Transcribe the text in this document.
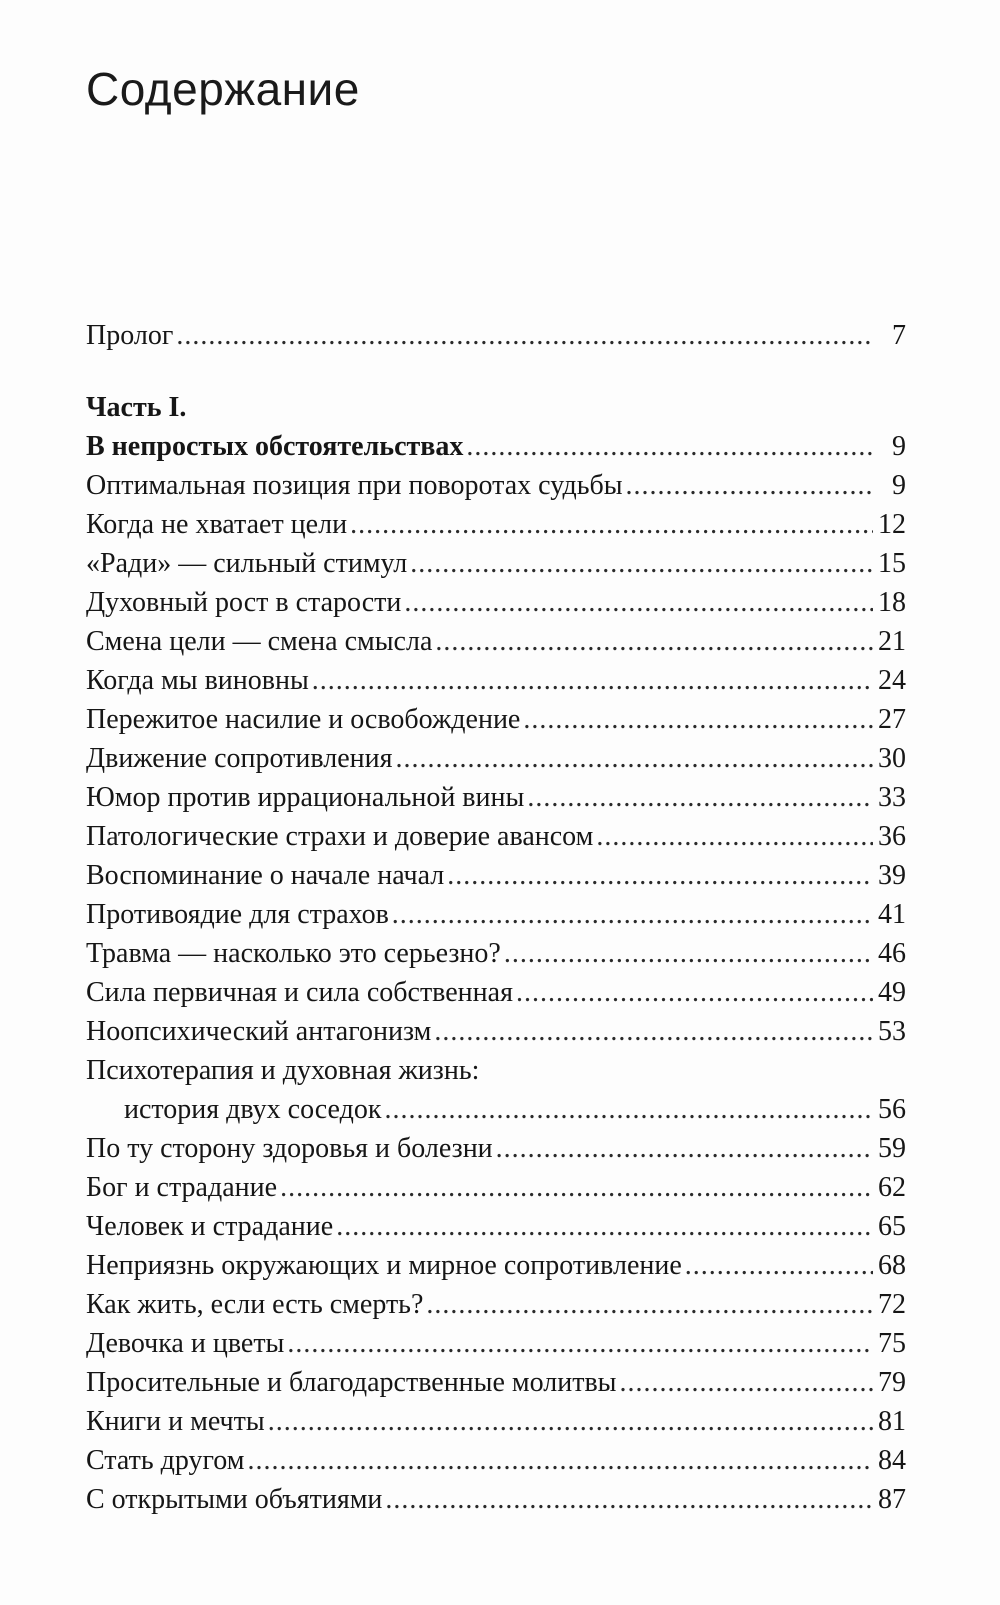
Содержание
Пролог .....	7
Часть I.
В непростых обстоятельствах .....	9
Оптимальная позиция при поворотах судьбы .....	9
Когда не хватает цели .....	12
«Ради» — сильный стимул .....	15
Духовный рост в старости .....	18
Смена цели — смена смысла .....	21
Когда мы виновны .....	24
Пережитое насилие и освобождение .....	27
Движение сопротивления .....	30
Юмор против иррациональной вины .....	33
Патологические страхи и доверие авансом .....	36
Воспоминание о начале начал .....	39
Противоядие для страхов .....	41
Травма — насколько это серьезно? .....	46
Сила первичная и сила собственная .....	49
Ноопсихический антагонизм .....	53
Психотерапия и духовная жизнь:
история двух соседок .....	56
По ту сторону здоровья и болезни .....	59
Бог и страдание .....	62
Человек и страдание .....	65
Неприязнь окружающих и мирное сопротивление .....	68
Как жить, если есть смерть? .....	72
Девочка и цветы .....	75
Просительные и благодарственные молитвы .....	79
Книги и мечты .....	81
Стать другом .....	84
С открытыми объятиями .....	87
